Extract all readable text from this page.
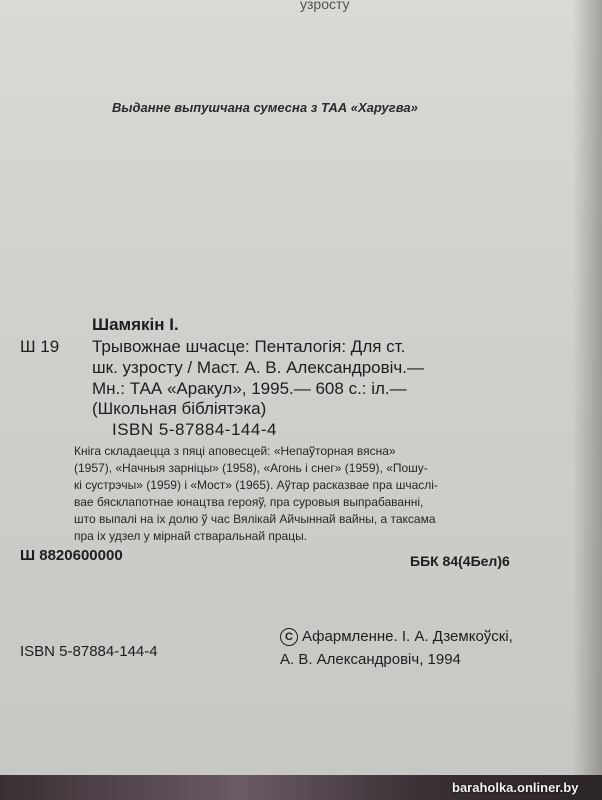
узросту
Выданне выпушчана сумесна з ТАА «Харугва»
Шамякін І.
Ш 19 Трывожнае шчасце: Пенталогія: Для ст.
шк. узросту / Маст. А. В. Александровіч.—
Мн.: ТАА «Аракул», 1995.— 608 с.: іл.—
(Школьная бібліятэка)
ISBN 5-87884-144-4
Кніга складаецца з пяці аповесцей: «Непаўторная вясна»
(1957), «Начныя зарніцы» (1958), «Агонь і снег» (1959), «Пошу-
кі сустрэчы» (1959) і «Мост» (1965). Аўтар расказвае пра шчаслі-
вае бясклапотнае юнацтва герояў, пра суровыя выпрабаванні,
што выпалі на іх долю ў час Вялікай Айчыннай вайны, а таксама
пра іх удзел у мірнай стваральнай працы.
Ш 8820600000	ББК 84(4Бел)6
ISBN 5-87884-144-4
C Афармленне. І. А. Дземкоўскі,
А. В. Александровіч, 1994
baraholka.onliner.by
